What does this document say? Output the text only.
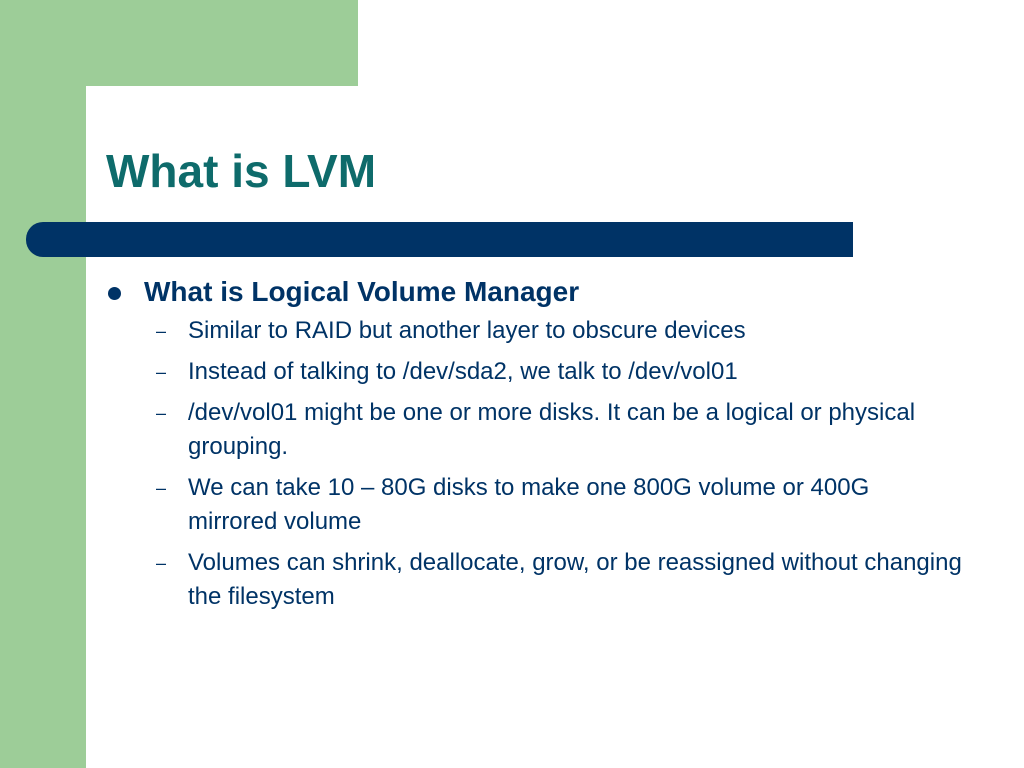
What is LVM
What is Logical Volume Manager
– Similar to RAID but another layer to obscure devices
– Instead of talking to /dev/sda2, we talk to /dev/vol01
– /dev/vol01 might be one or more disks. It can be a logical or physical grouping.
– We can take 10 – 80G disks to make one 800G volume or 400G mirrored volume
– Volumes can shrink, deallocate, grow, or be reassigned without changing the filesystem
